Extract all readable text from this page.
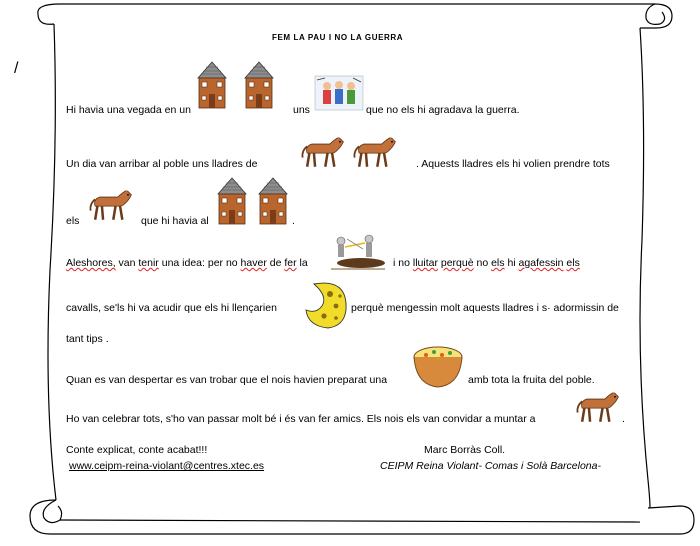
/
FEM LA PAU I NO LA GUERRA
Hi havia una vegada en un	uns	que no els hi agradava la guerra.
Un dia van arribar al poble uns lladres de	. Aquests lladres els hi volien prendre tots
els	que hi havia al	.
Aleshores, van tenir una idea: per no haver de fer la	i no lluitar perquè no els hi agafessin els
cavalls, se'ls hi va acudir que els hi llençarien	perquè mengessin molt aquests lladres i s· adormissin de
tant tips .
Quan es van despertar es van trobar que el nois havien preparat una	amb tota la fruita del poble.
Ho van celebrar tots, s'ho van passar molt bé i és van fer amics. Els nois els van convidar a muntar a	.
Conte explicat, conte acabat!!!	Marc Borràs Coll.
www.ceipm-reina-violant@centres.xtec.es	CEIPM Reina Violant- Comas i Solà Barcelona-
